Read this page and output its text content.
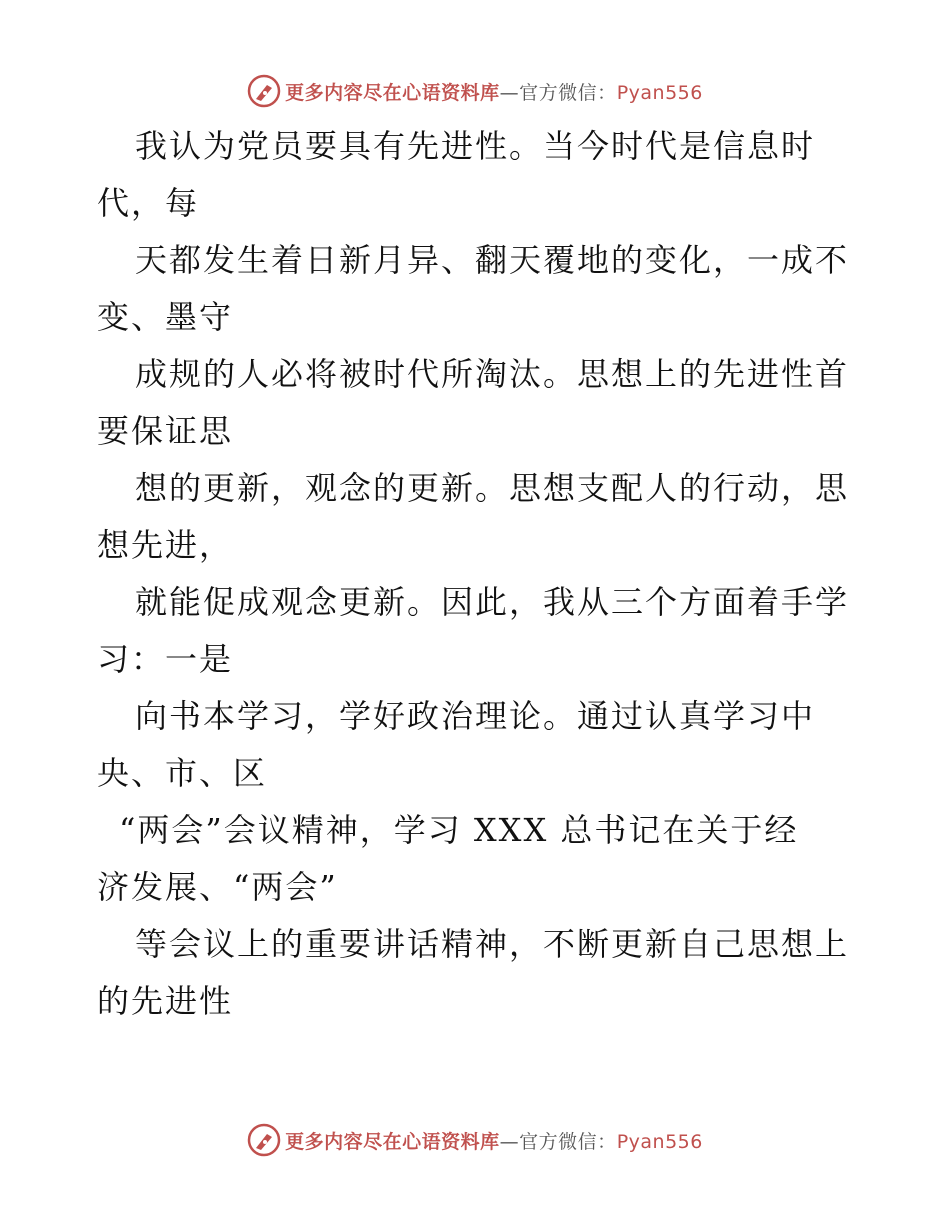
更多内容尽在心语资料库—官方微信：Pyan556
我认为党员要具有先进性。当今时代是信息时
代，每
天都发生着日新月异、翻天覆地的变化，一成不
变、墨守
成规的人必将被时代所淘汰。思想上的先进性首
要保证思
想的更新，观念的更新。思想支配人的行动，思
想先进，
就能促成观念更新。因此，我从三个方面着手学
习：一是
向书本学习，学好政治理论。通过认真学习中
央、市、区
“两会”会议精神，学习 XXX 总书记在关于经
济发展、“两会”
等会议上的重要讲话精神，不断更新自己思想上
的先进性
更多内容尽在心语资料库—官方微信：Pyan556
